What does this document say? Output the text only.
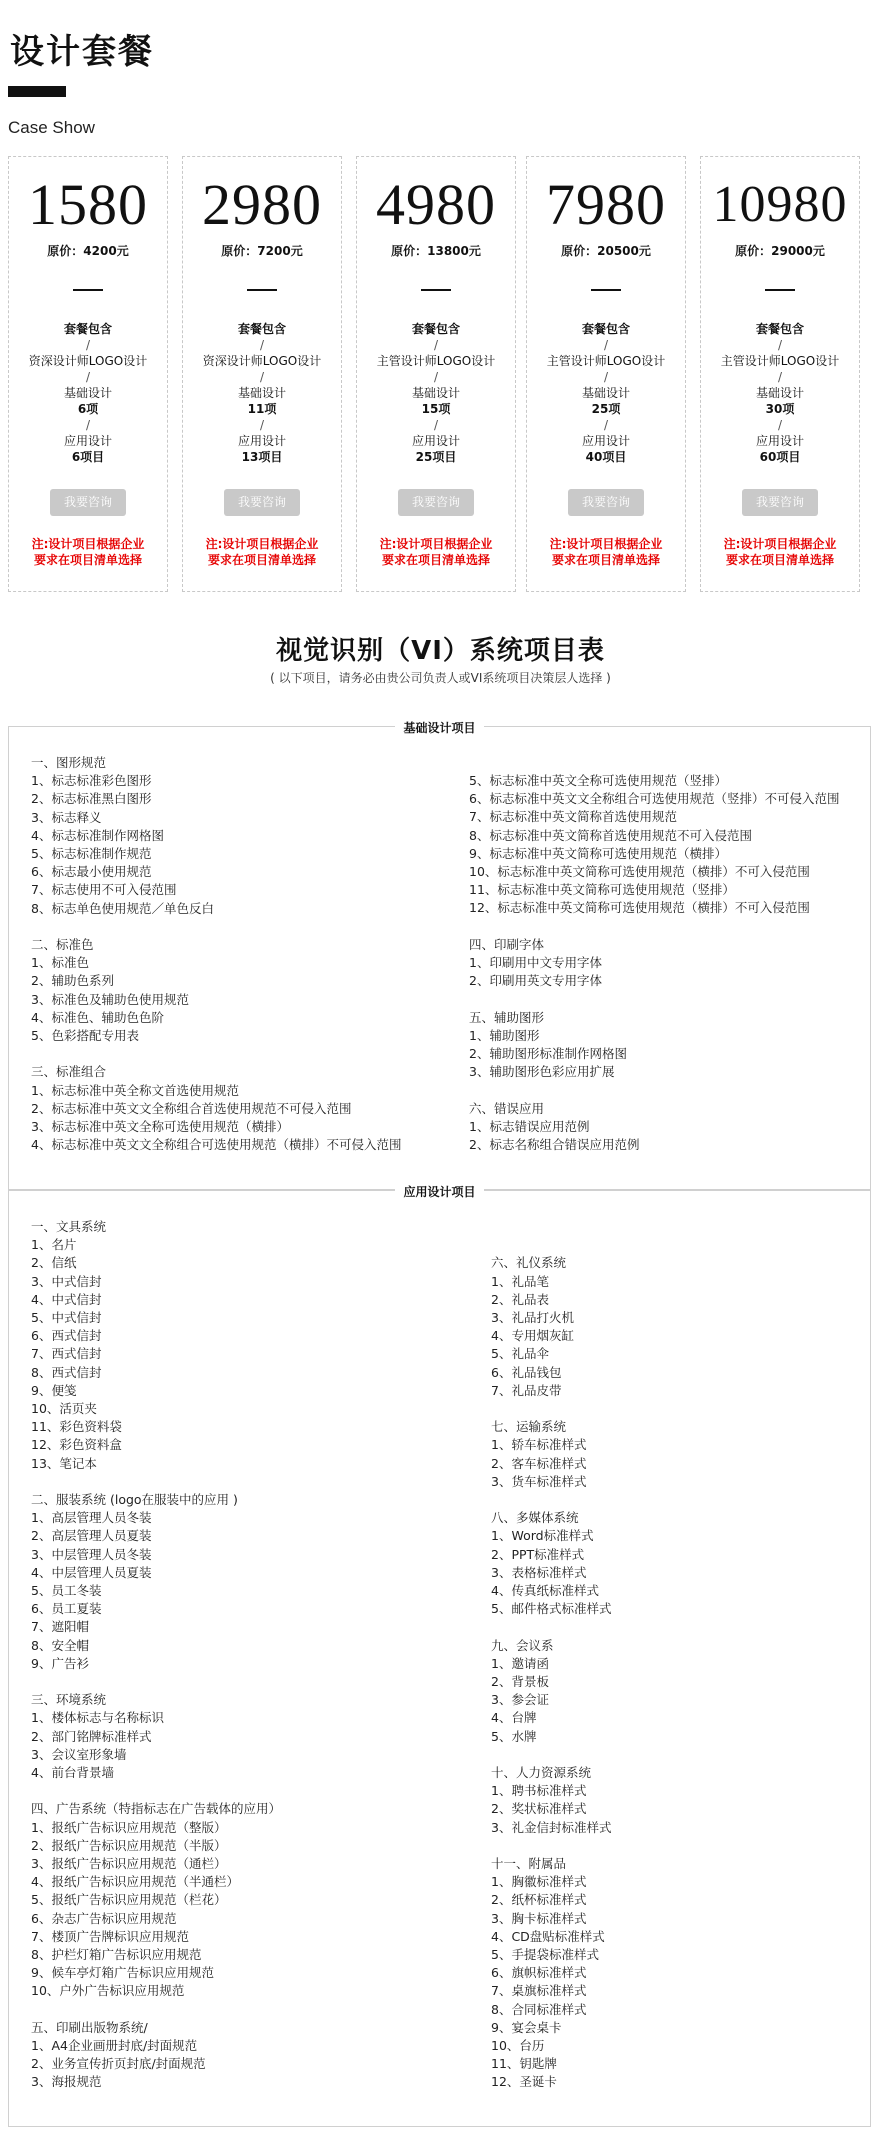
设计套餐
Case Show
1580
原价：4200元
套餐包含
/
资深设计师LOGO设计
/
基础设计
6项
/
应用设计
6项目
我要咨询
注:设计项目根据企业
要求在项目清单选择
2980
原价：7200元
套餐包含
/
资深设计师LOGO设计
/
基础设计
11项
/
应用设计
13项目
我要咨询
注:设计项目根据企业
要求在项目清单选择
4980
原价：13800元
套餐包含
/
主管设计师LOGO设计
/
基础设计
15项
/
应用设计
25项目
我要咨询
注:设计项目根据企业
要求在项目清单选择
7980
原价：20500元
套餐包含
/
主管设计师LOGO设计
/
基础设计
25项
/
应用设计
40项目
我要咨询
注:设计项目根据企业
要求在项目清单选择
10980
原价：29000元
套餐包含
/
主管设计师LOGO设计
/
基础设计
30项
/
应用设计
60项目
我要咨询
注:设计项目根据企业
要求在项目清单选择
视觉识别（VI）系统项目表
( 以下项目，请务必由贵公司负责人或VI系统项目决策层人选择 )
基础设计项目
一、图形规范
1、标志标准彩色图形
2、标志标准黑白图形
3、标志释义
4、标志标准制作网格图
5、标志标准制作规范
6、标志最小使用规范
7、标志使用不可入侵范围
8、标志单色使用规范／单色反白
二、标准色
1、标准色
2、辅助色系列
3、标准色及辅助色使用规范
4、标准色、辅助色色阶
5、色彩搭配专用表
三、标准组合
1、标志标准中英全称文首选使用规范
2、标志标准中英文文全称组合首选使用规范不可侵入范围
3、标志标准中英文全称可选使用规范（横排）
4、标志标准中英文文全称组合可选使用规范（横排）不可侵入范围
5、标志标准中英文全称可选使用规范（竖排）
6、标志标准中英文文全称组合可选使用规范（竖排）不可侵入范围
7、标志标准中英文简称首选使用规范
8、标志标准中英文简称首选使用规范不可入侵范围
9、标志标准中英文简称可选使用规范（横排）
10、标志标准中英文简称可选使用规范（横排）不可入侵范围
11、标志标准中英文简称可选使用规范（竖排）
12、标志标准中英文简称可选使用规范（横排）不可入侵范围
四、印刷字体
1、印刷用中文专用字体
2、印刷用英文专用字体
五、辅助图形
1、辅助图形
2、辅助图形标准制作网格图
3、辅助图形色彩应用扩展
六、错误应用
1、标志错误应用范例
2、标志名称组合错误应用范例
应用设计项目
一、文具系统
1、名片
2、信纸
3、中式信封
4、中式信封
5、中式信封
6、西式信封
7、西式信封
8、西式信封
9、便笺
10、活页夹
11、彩色资料袋
12、彩色资料盒
13、笔记本
二、服装系统 (logo在服装中的应用 )
1、高层管理人员冬装
2、高层管理人员夏装
3、中层管理人员冬装
4、中层管理人员夏装
5、员工冬装
6、员工夏装
7、遮阳帽
8、安全帽
9、广告衫
三、环境系统
1、楼体标志与名称标识
2、部门铭牌标准样式
3、会议室形象墙
4、前台背景墙
四、广告系统（特指标志在广告载体的应用）
1、报纸广告标识应用规范（整版）
2、报纸广告标识应用规范（半版）
3、报纸广告标识应用规范（通栏）
4、报纸广告标识应用规范（半通栏）
5、报纸广告标识应用规范（栏花）
6、杂志广告标识应用规范
7、楼顶广告牌标识应用规范
8、护栏灯箱广告标识应用规范
9、候车亭灯箱广告标识应用规范
10、户外广告标识应用规范
五、印刷出版物系统/
1、A4企业画册封底/封面规范
2、业务宣传折页封底/封面规范
3、海报规范
六、礼仪系统
1、礼品笔
2、礼品表
3、礼品打火机
4、专用烟灰缸
5、礼品伞
6、礼品钱包
7、礼品皮带
七、运输系统
1、轿车标准样式
2、客车标准样式
3、货车标准样式
八、多媒体系统
1、Word标准样式
2、PPT标准样式
3、表格标准样式
4、传真纸标准样式
5、邮件格式标准样式
九、会议系
1、邀请函
2、背景板
3、参会证
4、台牌
5、水牌
十、人力资源系统
1、聘书标准样式
2、奖状标准样式
3、礼金信封标准样式
十一、附属品
1、胸徽标准样式
2、纸杯标准样式
3、胸卡标准样式
4、CD盘贴标准样式
5、手提袋标准样式
6、旗帜标准样式
7、桌旗标准样式
8、合同标准样式
9、宴会桌卡
10、台历
11、钥匙牌
12、圣诞卡
